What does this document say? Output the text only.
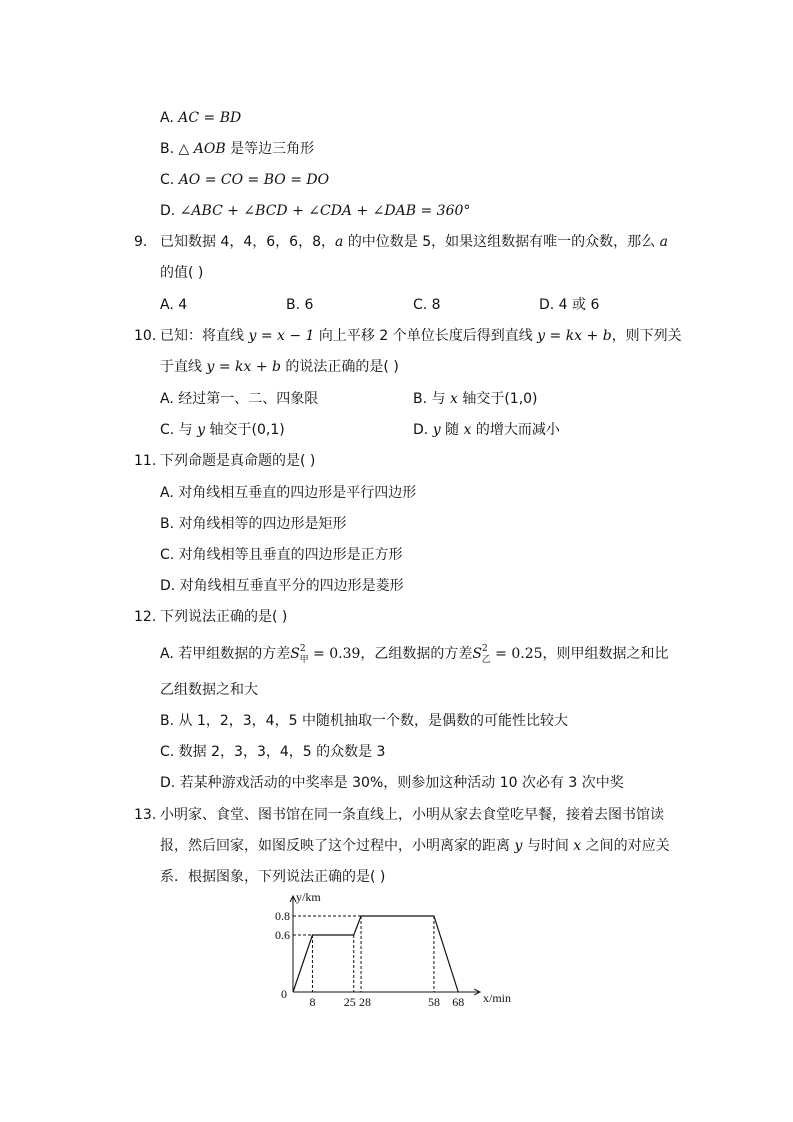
A. AC = BD
B. △ AOB 是等边三角形
C. AO = CO = BO = DO
D. ∠ABC + ∠BCD + ∠CDA + ∠DAB = 360°
9. 已知数据 4，4，6，6，8，a 的中位数是 5，如果这组数据有唯一的众数，那么 a
的值( )
A. 4	B. 6	C. 8	D. 4 或 6
10. 已知：将直线 y = x − 1 向上平移 2 个单位长度后得到直线 y = kx + b，则下列关
于直线 y = kx + b 的说法正确的是( )
A. 经过第一、二、四象限	B. 与 x 轴交于(1,0)
C. 与 y 轴交于(0,1)	D. y 随 x 的增大而减小
11. 下列命题是真命题的是( )
A. 对角线相互垂直的四边形是平行四边形
B. 对角线相等的四边形是矩形
C. 对角线相等且垂直的四边形是正方形
D. 对角线相互垂直平分的四边形是菱形
12. 下列说法正确的是( )
A. 若甲组数据的方差$S^2_甲 = 0.39$，乙组数据的方差$S^2_乙 = 0.25$，则甲组数据之和比
乙组数据之和大
B. 从 1，2，3，4，5 中随机抽取一个数，是偶数的可能性比较大
C. 数据 2，3，3，4，5 的众数是 3
D. 若某种游戏活动的中奖率是 30%，则参加这种活动 10 次必有 3 次中奖
13. 小明家、食堂、图书馆在同一条直线上，小明从家去食堂吃早餐，接着去图书馆读
报，然后回家，如图反映了这个过程中，小明离家的距离 y 与时间 x 之间的对应关
系．根据图象，下列说法正确的是( )
x/min
y/km
0
8 25 28	58 68
0.6
0.8
